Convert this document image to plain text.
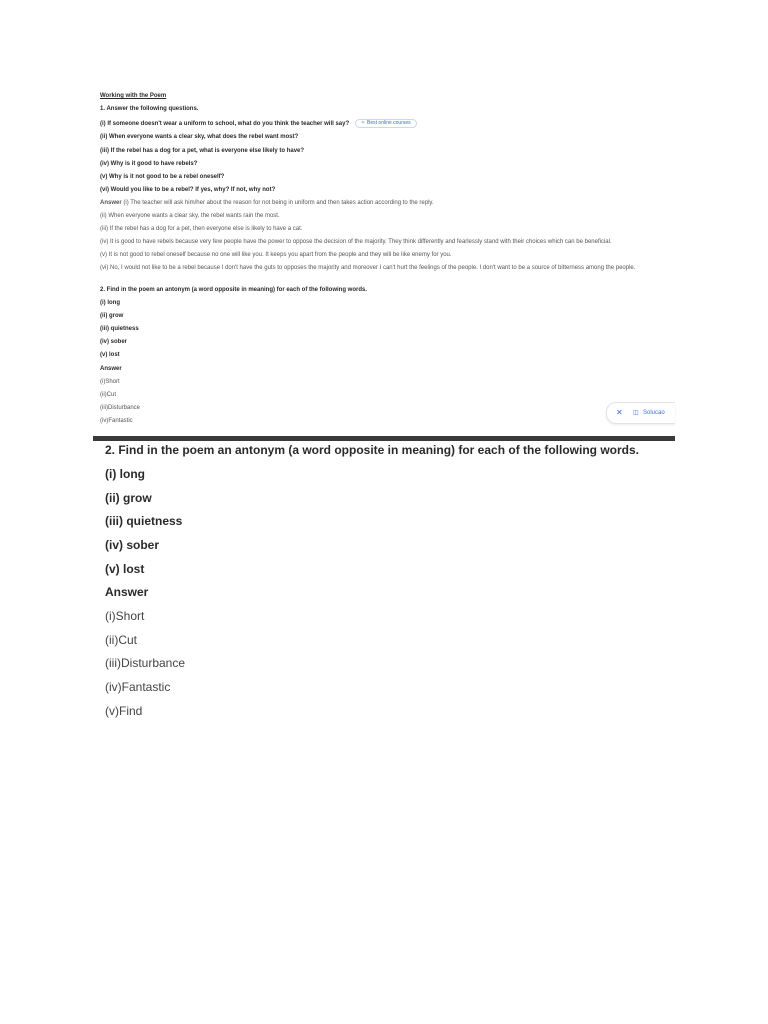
Working with the Poem
1. Answer the following questions.
(i) If someone doesn't wear a uniform to school, what do you think the teacher will say? ✧ Best online courses
(ii) When everyone wants a clear sky, what does the rebel want most?
(iii) If the rebel has a dog for a pet, what is everyone else likely to have?
(iv) Why is it good to have rebels?
(v) Why is it not good to be a rebel oneself?
(vi) Would you like to be a rebel? If yes, why? If not, why not?
Answer (i) The teacher will ask him/her about the reason for not being in uniform and then takes action according to the reply.
(ii) When everyone wants a clear sky, the rebel wants rain the most.
(iii) If the rebel has a dog for a pet, then everyone else is likely to have a cat.
(iv) It is good to have rebels because very few people have the power to oppose the decision of the majority. They think differently and fearlessly stand with their choices which can be beneficial.
(v) It is not good to rebel oneself because no one will like you. It keeps you apart from the people and they will be like enemy for you.
(vi) No, I would not like to be a rebel because I don't have the guts to opposes the majority and moreover I can't hurt the feelings of the people. I don't want to be a source of bitterness among the people.
2. Find in the poem an antonym (a word opposite in meaning) for each of the following words.
(i) long
(ii) grow
(iii) quietness
(iv) sober
(v) lost
Answer
(i)Short
(ii)Cut
(iii)Disturbance
(iv)Fantastic
✕ ◫ Solucao
2. Find in the poem an antonym (a word opposite in meaning) for each of the following words.
(i) long
(ii) grow
(iii) quietness
(iv) sober
(v) lost
Answer
(i)Short
(ii)Cut
(iii)Disturbance
(iv)Fantastic
(v)Find
